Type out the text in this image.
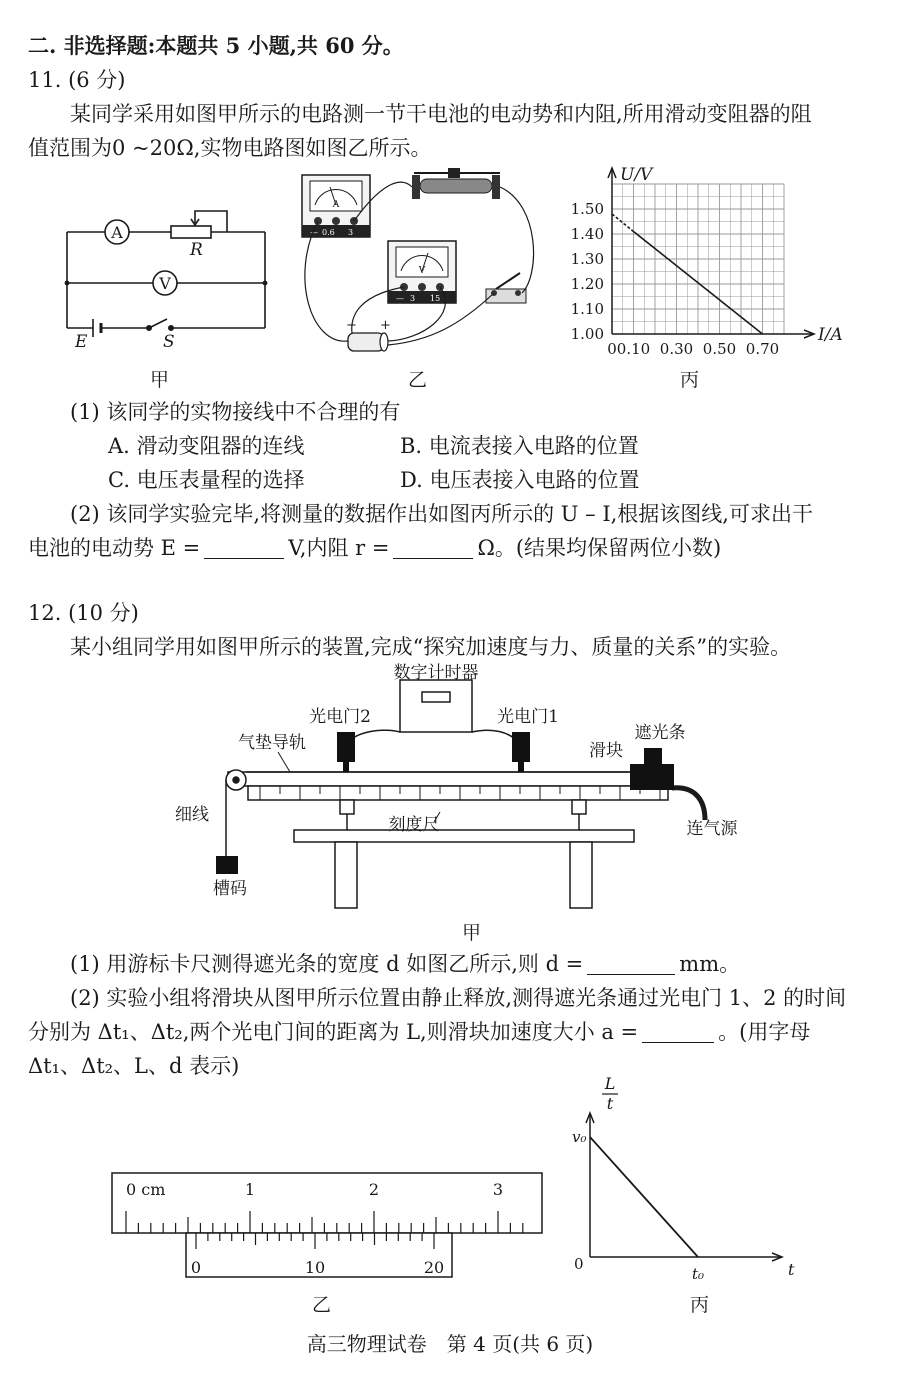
二. 非选择题:本题共 5 小题,共 60 分。
11. (6 分)
某同学采用如图甲所示的电路测一节干电池的电动势和内阻,所用滑动变阻器的阻
值范围为0 ~20Ω,实物电路图如图乙所示。
A
V
R
E	S
甲
A
— 0.6 3
V
— 3 15
− +
乙
U/V
I/A
1.00
1.10
1.20
1.30
1.40
1.50
0 0.10 0.30 0.50 0.70
丙
(1) 该同学的实物接线中不合理的有
A. 滑动变阻器的连线	B. 电流表接入电路的位置
C. 电压表量程的选择	D. 电压表接入电路的位置
(2) 该同学实验完毕,将测量的数据作出如图丙所示的 U – I,根据该图线,可求出干
电池的电动势 E =	V,内阻 r =	Ω。(结果均保留两位小数)
12. (10 分)
某小组同学用如图甲所示的装置,完成“探究加速度与力、质量的关系”的实验。
数字计时器
光电门2	光电门1
遮光条
滑块
气垫导轨
细线	刻度尺	连气源
槽码
甲
(1) 用游标卡尺测得遮光条的宽度 d 如图乙所示,则 d =	mm。
(2) 实验小组将滑块从图甲所示位置由静止释放,测得遮光条通过光电门 1、2 的时间
分别为 Δt₁、Δt₂,两个光电门间的距离为 L,则滑块加速度大小 a =	。(用字母
Δt₁、Δt₂、L、d 表示)
0 cm	1	2	3
0	10	20
乙
L
t
v₀
0
t₀	t
丙
高三物理试卷　第 4 页(共 6 页)
